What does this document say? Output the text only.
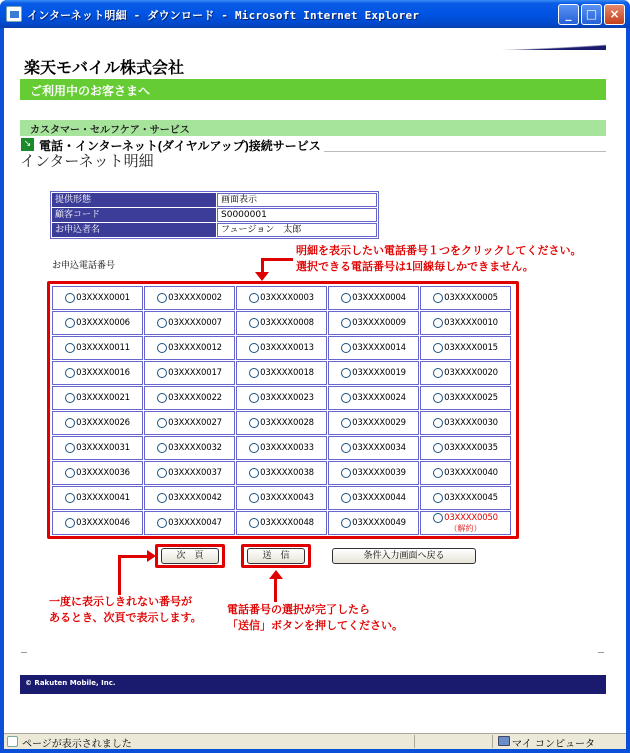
インターネット明細 - ダウンロード - Microsoft Internet Explorer	_	□	×
楽天モバイル株式会社
ご利用中のお客さまへ
カスタマー・セルフケア・サービス
↘ 電話・インターネット(ダイヤルアップ)接続サービス
インターネット明細
提供形態	画面表示
顧客コード	S0000001
お申込者名	フュージョン　太郎
お申込電話番号
明細を表示したい電話番号１つをクリックしてください。
選択できる電話番号は1回線毎しかできません。
03XXXX0001	03XXXX0002	03XXXX0003	03XXXX0004	03XXXX0005
03XXXX0006	03XXXX0007	03XXXX0008	03XXXX0009	03XXXX0010
03XXXX0011	03XXXX0012	03XXXX0013	03XXXX0014	03XXXX0015
03XXXX0016	03XXXX0017	03XXXX0018	03XXXX0019	03XXXX0020
03XXXX0021	03XXXX0022	03XXXX0023	03XXXX0024	03XXXX0025
03XXXX0026	03XXXX0027	03XXXX0028	03XXXX0029	03XXXX0030
03XXXX0031	03XXXX0032	03XXXX0033	03XXXX0034	03XXXX0035
03XXXX0036	03XXXX0037	03XXXX0038	03XXXX0039	03XXXX0040
03XXXX0041	03XXXX0042	03XXXX0043	03XXXX0044	03XXXX0045
03XXXX0046	03XXXX0047	03XXXX0048	03XXXX0049	03XXXX0050
（解約）
次　頁	送　信	条件入力画面へ戻る
一度に表示しきれない番号が
あるとき、次頁で表示します。
電話番号の選択が完了したら
「送信」ボタンを押してください。
© Rakuten Mobile, Inc.
ページが表示されました	マイ コンピュータ
